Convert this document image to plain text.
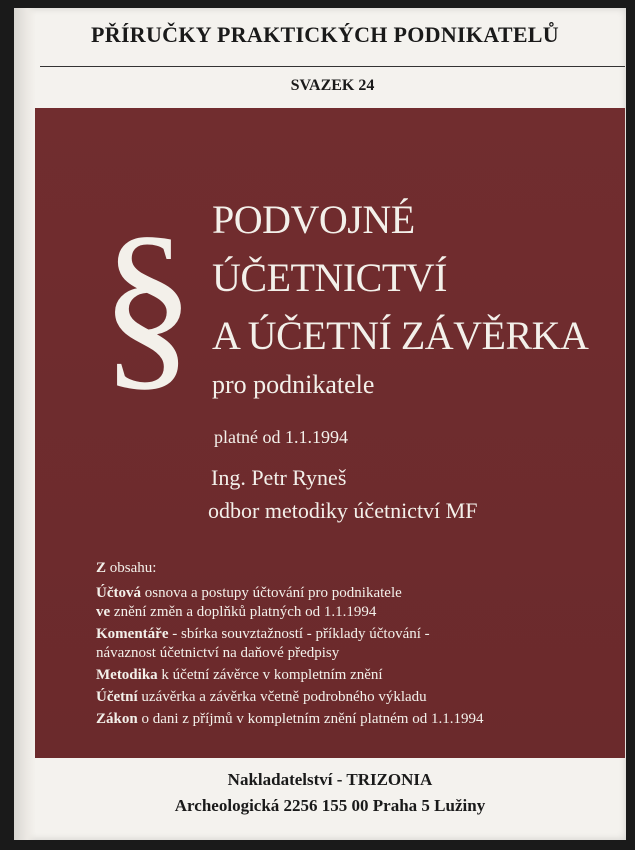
PŘÍRUČKY PRAKTICKÝCH PODNIKATELŮ
SVAZEK 24
§ PODVOJNÉ
ÚČETNICTVÍ
A ÚČETNÍ ZÁVĚRKA
pro podnikatele
platné od 1.1.1994
Ing. Petr Ryneš
odbor metodiky účetnictví MF
Z obsahu:
Účtová osnova a postupy účtování pro podnikatele
ve znění změn a doplňků platných od 1.1.1994
Komentáře - sbírka souvztažností - příklady účtování -
návaznost účetnictví na daňové předpisy
Metodika k účetní závěrce v kompletním znění
Účetní uzávěrka a závěrka včetně podrobného výkladu
Zákon o dani z příjmů v kompletním znění platném od 1.1.1994
Nakladatelství - TRIZONIA
Archeologická 2256 155 00 Praha 5 Lužiny
